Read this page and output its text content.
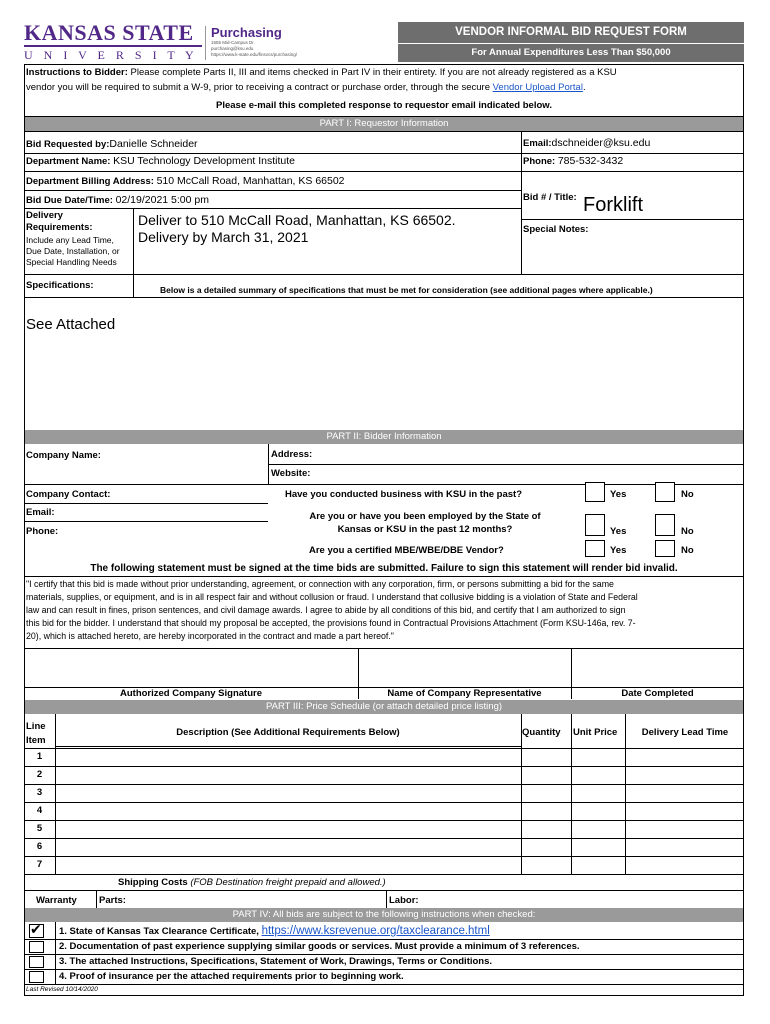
KANSAS STATE
U N I V E R S I T Y
Purchasing
1555 Mid-Campus Dr.
purchasing@ksu.edu
https://www.k-state.edu/finsvcs/purchasing/
VENDOR INFORMAL BID REQUEST FORM
For Annual Expenditures Less Than $50,000
Instructions to Bidder: Please complete Parts II, III and items checked in Part IV in their entirety. If you are not already registered as a KSU
vendor you will be required to submit a W-9, prior to receiving a contract or purchase order, through the secure Vendor Upload Portal.
Please e-mail this completed response to requestor email indicated below.
PART I: Requestor Information
Bid Requested by:Danielle Schneider	Email:dschneider@ksu.edu
Department Name: KSU Technology Development Institute	Phone: 785-532-3432
Department Billing Address: 510 McCall Road, Manhattan, KS 66502
Bid # / Title: Forklift
Bid Due Date/Time: 02/19/2021 5:00 pm
Delivery
Requirements:
Include any Lead Time,
Due Date, Installation, or
Special Handling Needs
Deliver to 510 McCall Road, Manhattan, KS 66502.
Delivery by March 31, 2021	Special Notes:
Specifications:	Below is a detailed summary of specifications that must be met for consideration (see additional pages where applicable.)
See Attached
PART II: Bidder Information
Company Name:	Address:
Website:
Company Contact:
Email:
Phone:
Have you conducted business with KSU in the past?	Yes	No
Are you or have you been employed by the State of
Kansas or KSU in the past 12 months?	Yes	No
Are you a certified MBE/WBE/DBE Vendor?	Yes	No
The following statement must be signed at the time bids are submitted. Failure to sign this statement will render bid invalid.
"I certify that this bid is made without prior understanding, agreement, or connection with any corporation, firm, or persons submitting a bid for the same
materials, supplies, or equipment, and is in all respect fair and without collusion or fraud. I understand that collusive bidding is a violation of State and Federal
law and can result in fines, prison sentences, and civil damage awards. I agree to abide by all conditions of this bid, and certify that I am authorized to sign
this bid for the bidder. I understand that should my proposal be accepted, the provisions found in Contractual Provisions Attachment (Form KSU-146a, rev. 7-
20), which is attached hereto, are hereby incorporated in the contract and made a part hereof."
Authorized Company Signature	Name of Company Representative	Date Completed
PART III: Price Schedule (or attach detailed price listing)
Line
Item
Description (See Additional Requirements Below)	Quantity Unit Price	Delivery Lead Time
1
2
3
4
5
6
7
Shipping Costs (FOB Destination freight prepaid and allowed.)
Warranty Parts:	Labor:
PART IV: All bids are subject to the following instructions when checked:
✔ 1. State of Kansas Tax Clearance Certificate, https://www.ksrevenue.org/taxclearance.html
2. Documentation of past experience supplying similar goods or services. Must provide a minimum of 3 references.
3. The attached Instructions, Specifications, Statement of Work, Drawings, Terms or Conditions.
4. Proof of insurance per the attached requirements prior to beginning work.
Last Revised 10/14/2020
